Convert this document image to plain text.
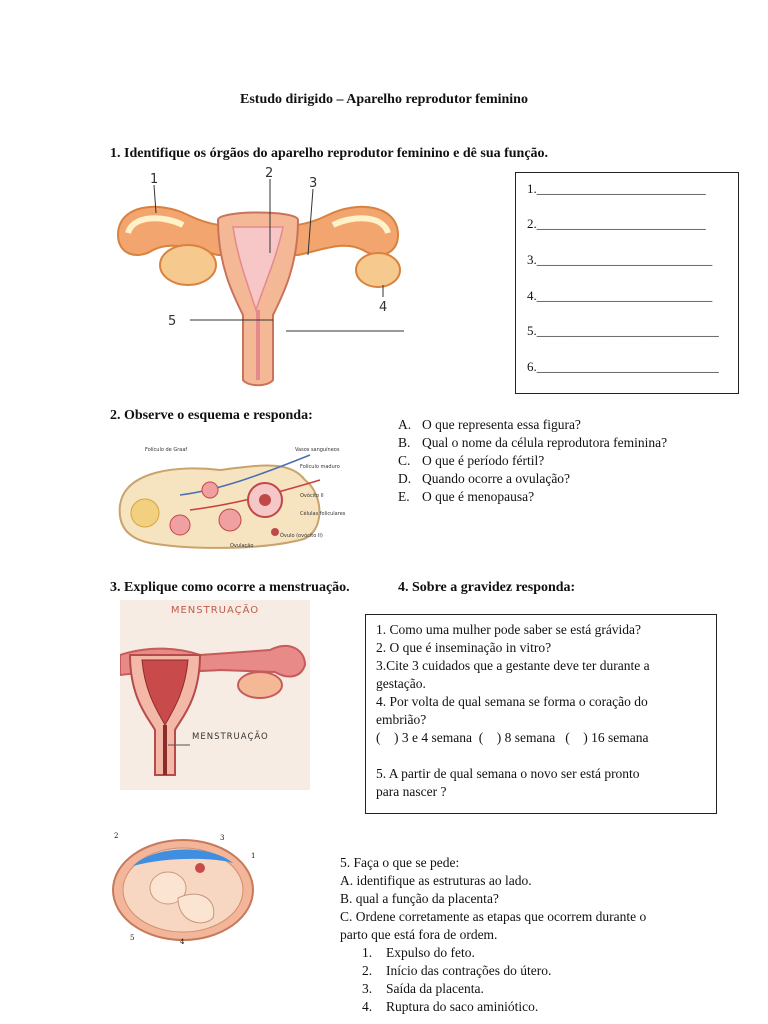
Estudo dirigido – Aparelho reprodutor feminino
1. Identifique os órgãos do aparelho reprodutor feminino e dê sua função.
1	2
3
4
5
1.__________________________
2.__________________________
3.___________________________
4.___________________________
5.____________________________
6.____________________________
2. Observe o esquema e responda:
Folículo de Graaf	Vasos sanguíneos
Folículo maduro
Ovócito II
Células foliculares
Ovulação
Óvulo (ovócito II)
A. O que representa essa figura?
B. Qual o nome da célula reprodutora feminina?
C. O que é período fértil?
D. Quando ocorre a ovulação?
E. O que é menopausa?
3. Explique como ocorre a menstruação.	4. Sobre a gravidez responda:
MENSTRUAÇÃO
MENSTRUAÇÃO
1. Como uma mulher pode saber se está grávida?
2. O que é inseminação in vitro?
3.Cite 3 cuidados que a gestante deve ter durante a
gestação.
4. Por volta de qual semana se forma o coração do
embrião?
(    ) 3 e 4 semana  (    ) 8 semana   (    ) 16 semana
5. A partir de qual semana o novo ser está pronto
para nascer ?
2	3
1
5	4
5. Faça o que se pede:
A. identifique as estruturas ao lado.
B. qual a função da placenta?
C. Ordene corretamente as etapas que ocorrem durante o
parto que está fora de ordem.
1.	Expulso do feto.
2.	Início das contrações do útero.
3.	Saída da placenta.
4.	Ruptura do saco aminiótico.
